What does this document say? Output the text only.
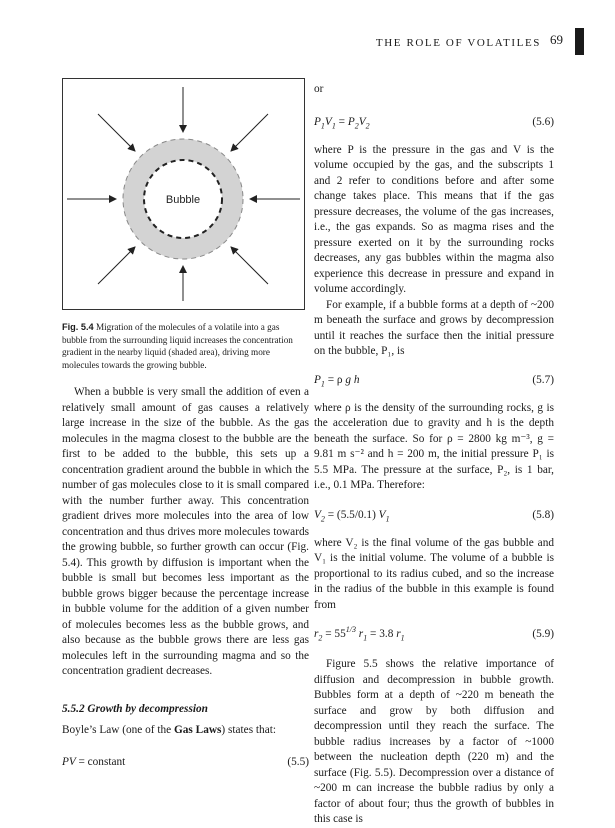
THE ROLE OF VOLATILES 69
Bubble
Fig. 5.4 Migration of the molecules of a volatile into a gas bubble from the surrounding liquid increases the concentration gradient in the nearby liquid (shaded area), driving more molecules towards the growing bubble.

When a bubble is very small the addition of even a relatively small amount of gas causes a relatively large increase in the size of the bubble. As the gas molecules in the magma closest to the bubble are the first to be added to the bubble, this sets up a concentration gradient around the bubble in which the number of gas molecules close to it is small compared with the number further away. This concentration gradient drives more molecules into the area of low concentration and thus drives more molecules towards the growing bubble, so further growth can occur (Fig. 5.4). This growth by diffusion is important when the bubble is small but becomes less important as the bubble grows bigger because the percentage increase in bubble volume for the addition of a given number of molecules becomes less as the bubble grows, and also because as the bubble grows there are less gas molecules left in the surrounding magma and so the concentration gradient decreases.

5.5.2 Growth by decompression

Boyle’s Law (one of the Gas Laws) states that:

PV = constant	(5.5)

or

$P_1V_1 = P_2V_2$	(5.6)

where P is the pressure in the gas and V is the volume occupied by the gas, and the subscripts 1 and 2 refer to conditions before and after some change takes place. This means that if the gas pressure decreases, the volume of the gas increases, i.e., the gas expands. So as magma rises and the pressure exerted on it by the surrounding rocks decreases, any gas bubbles within the magma also experience this decrease in pressure and expand in volume accordingly.

For example, if a bubble forms at a depth of ~200 m beneath the surface and grows by decompression until it reaches the surface then the initial pressure on the bubble, P₁, is

$P_1 = \rho$ g h	(5.7)

where ρ is the density of the surrounding rocks, g is the acceleration due to gravity and h is the depth beneath the surface. So for ρ = 2800 kg m⁻³, g = 9.81 m s⁻² and h = 200 m, the initial pressure P₁ is 5.5 MPa. The pressure at the surface, P₂, is 1 bar, i.e., 0.1 MPa. Therefore:

$V_2 = (5.5/0.1)$ $V_1$	(5.8)

where V₂ is the final volume of the gas bubble and V₁ is the initial volume. The volume of a bubble is proportional to its radius cubed, and so the increase in the radius of the bubble in this example is found from

$r_2 = 55^{1/3}$ $r_1 = 3.8$ $r_1$	(5.9)

Figure 5.5 shows the relative importance of diffusion and decompression in bubble growth. Bubbles form at a depth of ~220 m beneath the surface and grow by both diffusion and decompression until they reach the surface. The bubble radius increases by a factor of ~1000 between the nucleation depth (220 m) and the surface (Fig. 5.5). Decompression over a distance of ~200 m can increase the bubble radius by only a factor of about four; thus the growth of bubbles in this case is
